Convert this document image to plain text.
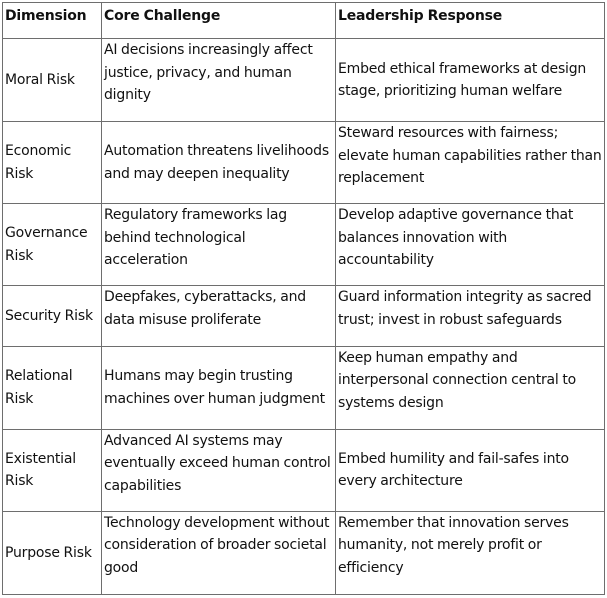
Dimension	Core Challenge	Leadership Response
Moral Risk	AI decisions increasingly affect justice, privacy, and human dignity	Embed ethical frameworks at design stage, prioritizing human welfare
Economic Risk	Automation threatens livelihoods and may deepen inequality	Steward resources with fairness; elevate human capabilities rather than replacement
Governance Risk	Regulatory frameworks lag behind technological acceleration	Develop adaptive governance that balances innovation with accountability
Security Risk	Deepfakes, cyberattacks, and data misuse proliferate	Guard information integrity as sacred trust; invest in robust safeguards
Relational Risk	Humans may begin trusting machines over human judgment	Keep human empathy and interpersonal connection central to systems design
Existential Risk	Advanced AI systems may eventually exceed human control capabilities	Embed humility and fail-safes into every architecture
Purpose Risk	Technology development without consideration of broader societal good	Remember that innovation serves humanity, not merely profit or efficiency
